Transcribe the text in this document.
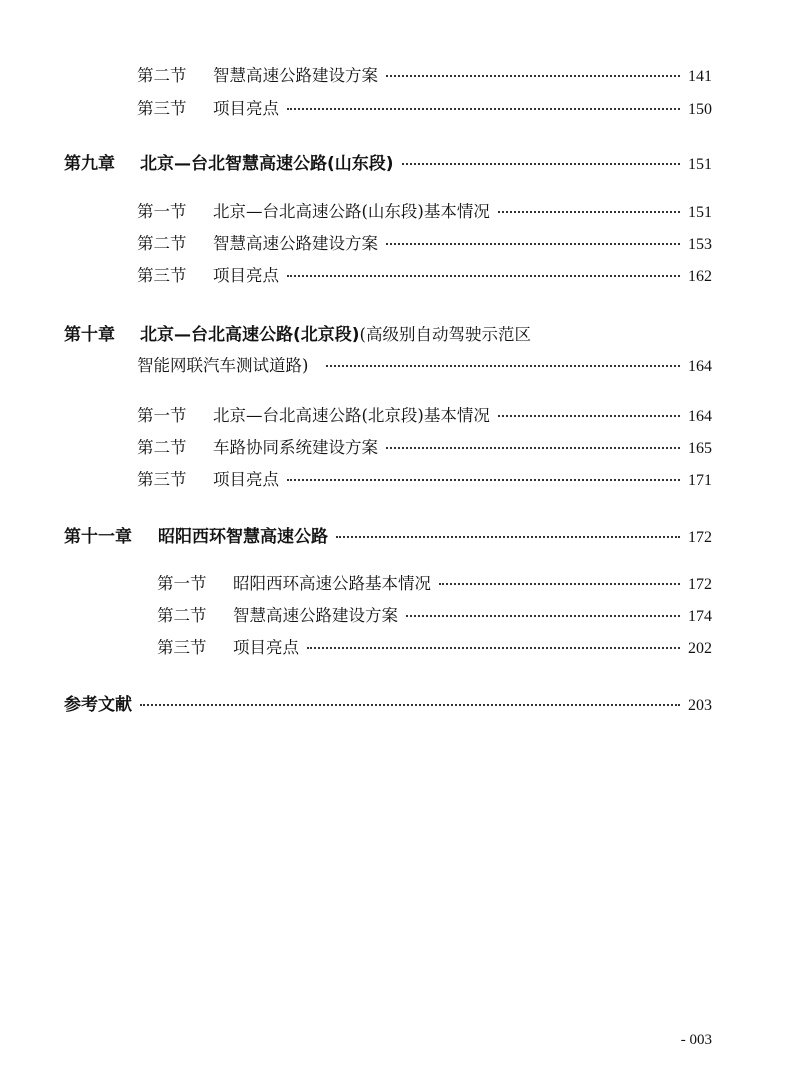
第二节	智慧高速公路建设方案	141
第三节	项目亮点	150
第九章	北京—台北智慧高速公路(山东段)	151
第一节	北京—台北高速公路(山东段)基本情况	151
第二节	智慧高速公路建设方案	153
第三节	项目亮点	162
第十章	北京—台北高速公路(北京段) (高级别自动驾驶示范区
智能网联汽车测试道路)	164
第一节	北京—台北高速公路(北京段)基本情况	164
第二节	车路协同系统建设方案	165
第三节	项目亮点	171
第十一章	昭阳西环智慧高速公路	172
第一节	昭阳西环高速公路基本情况	172
第二节	智慧高速公路建设方案	174
第三节	项目亮点	202
参考文献	203
- 003
